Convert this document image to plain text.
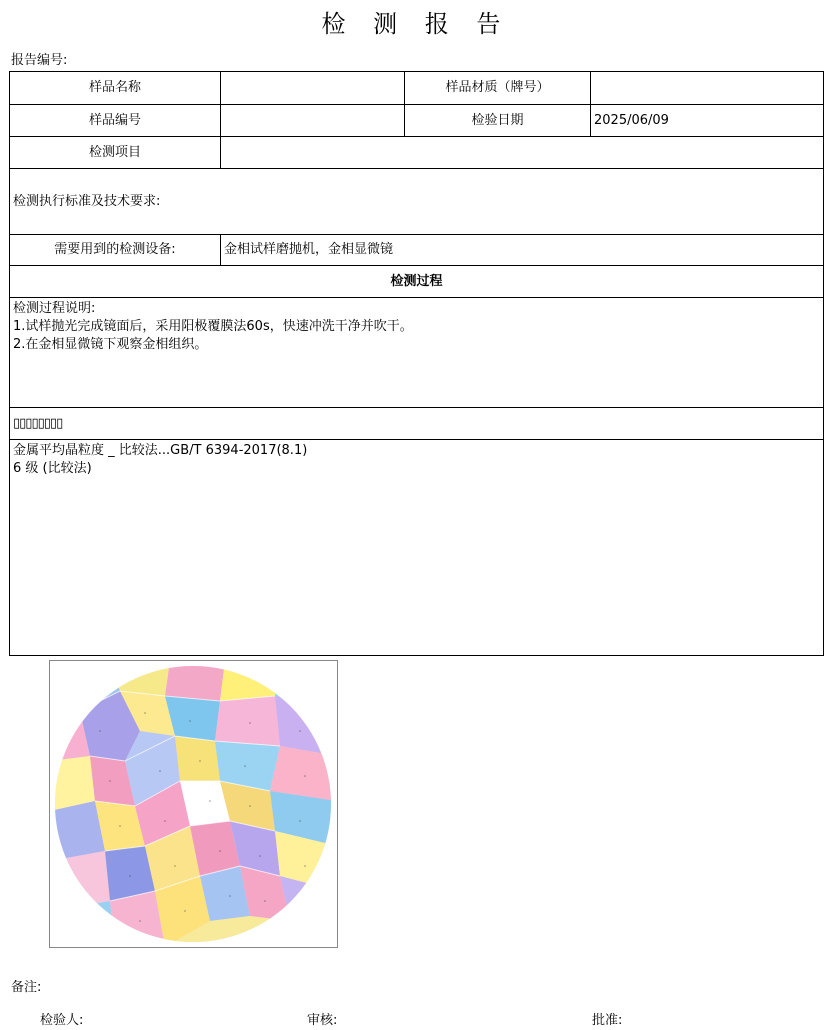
检 测 报 告
报告编号:
样品名称		样品材质（牌号）	
样品编号		检验日期	2025/06/09
检测项目			
检测执行标准及技术要求:			
需要用到的检测设备:	金相试样磨抛机，金相显微镜		
检测过程			

检测过程说明:
1.试样抛光完成镜面后，采用阳极覆膜法60s，快速冲洗干净并吹干。
2.在金相显微镜下观察金相组织。			

▯▯▯▯▯▯▯▯			

金属平均晶粒度 _ 比较法...GB/T 6394-2017(8.1)
6 级 (比较法)			
备注:
检验人:	审核:	批准:
